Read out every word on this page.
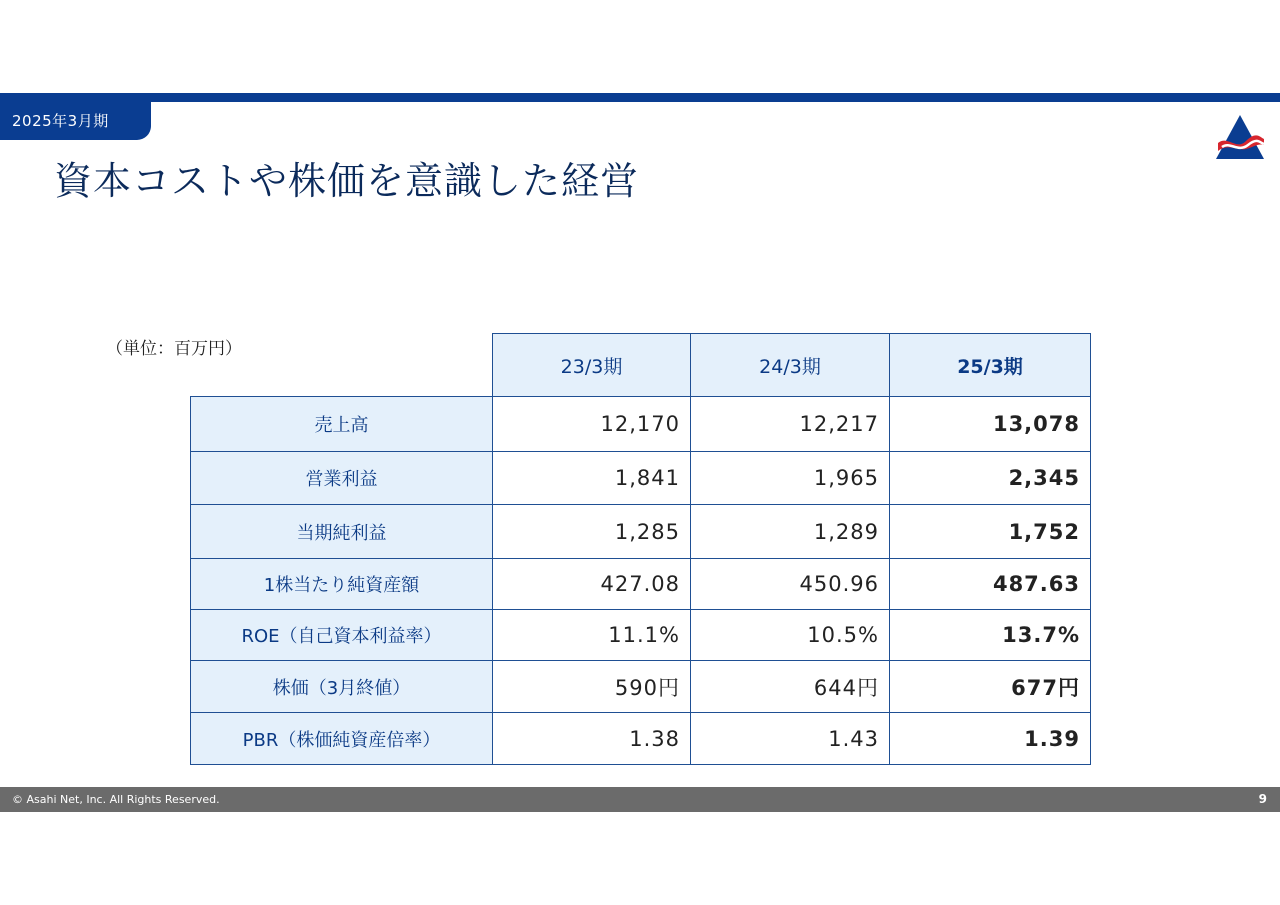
2025年3月期
資本コストや株価を意識した経営
（単位：百万円）
	23/3期	24/3期	25/3期
売上高	12,170	12,217	13,078
営業利益	1,841	1,965	2,345
当期純利益	1,285	1,289	1,752
1株当たり純資産額	427.08	450.96	487.63
ROE（自己資本利益率）	11.1%	10.5%	13.7%
株価（3月終値）	590円	644円	677円
PBR（株価純資産倍率）	1.38	1.43	1.39
© Asahi Net, Inc. All Rights Reserved.	9
